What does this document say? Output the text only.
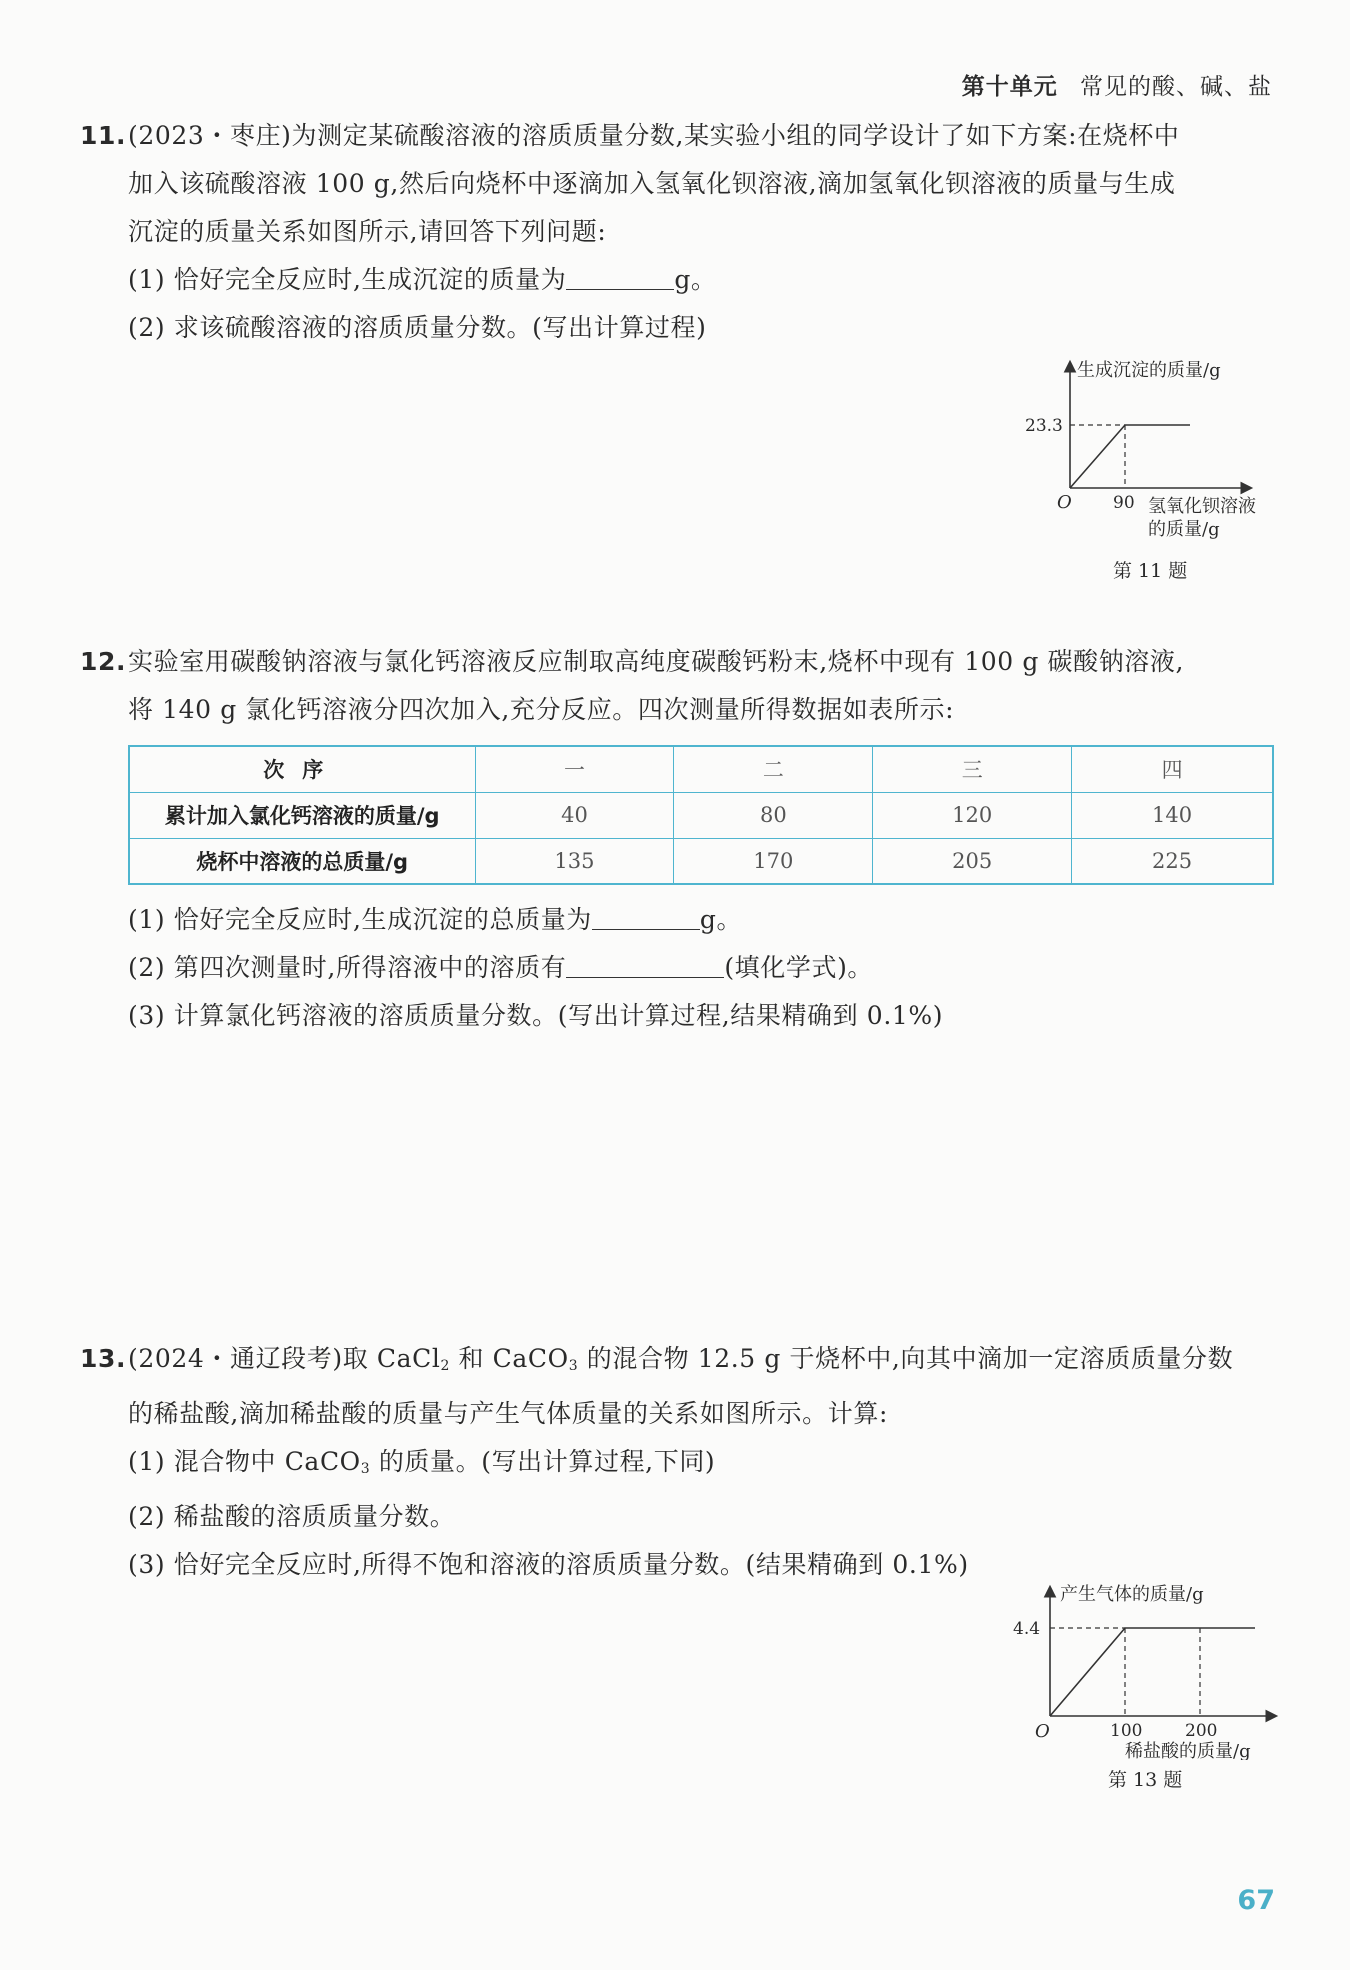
第十单元 常见的酸、碱、盐
11.(2023・枣庄)为测定某硫酸溶液的溶质质量分数,某实验小组的同学设计了如下方案:在烧杯中
加入该硫酸溶液 100 g,然后向烧杯中逐滴加入氢氧化钡溶液,滴加氢氧化钡溶液的质量与生成
沉淀的质量关系如图所示,请回答下列问题:
(1) 恰好完全反应时,生成沉淀的质量为	g。
(2) 求该硫酸溶液的溶质质量分数。(写出计算过程)
生成沉淀的质量/g
23.3
O 90 氢氧化钡溶液
的质量/g
第 11 题
12.实验室用碳酸钠溶液与氯化钙溶液反应制取高纯度碳酸钙粉末,烧杯中现有 100 g 碳酸钠溶液,
将 140 g 氯化钙溶液分四次加入,充分反应。四次测量所得数据如表所示:
次序	一	二	三	四
累计加入氯化钙溶液的质量/g	40	80	120	140
烧杯中溶液的总质量/g	135	170	205	225
(1) 恰好完全反应时,生成沉淀的总质量为	g。
(2) 第四次测量时,所得溶液中的溶质有	(填化学式)。
(3) 计算氯化钙溶液的溶质质量分数。(写出计算过程,结果精确到 0.1%)
13.(2024・通辽段考)取 CaCl$_2$ 和 CaCO$_3$ 的混合物 12.5 g 于烧杯中,向其中滴加一定溶质质量分数
的稀盐酸,滴加稀盐酸的质量与产生气体质量的关系如图所示。计算:
(1) 混合物中 CaCO$_3$ 的质量。(写出计算过程,下同)
(2) 稀盐酸的溶质质量分数。
(3) 恰好完全反应时,所得不饱和溶液的溶质质量分数。(结果精确到 0.1%)
产生气体的质量/g
4.4
O	100	200
稀盐酸的质量/g
第 13 题
67
